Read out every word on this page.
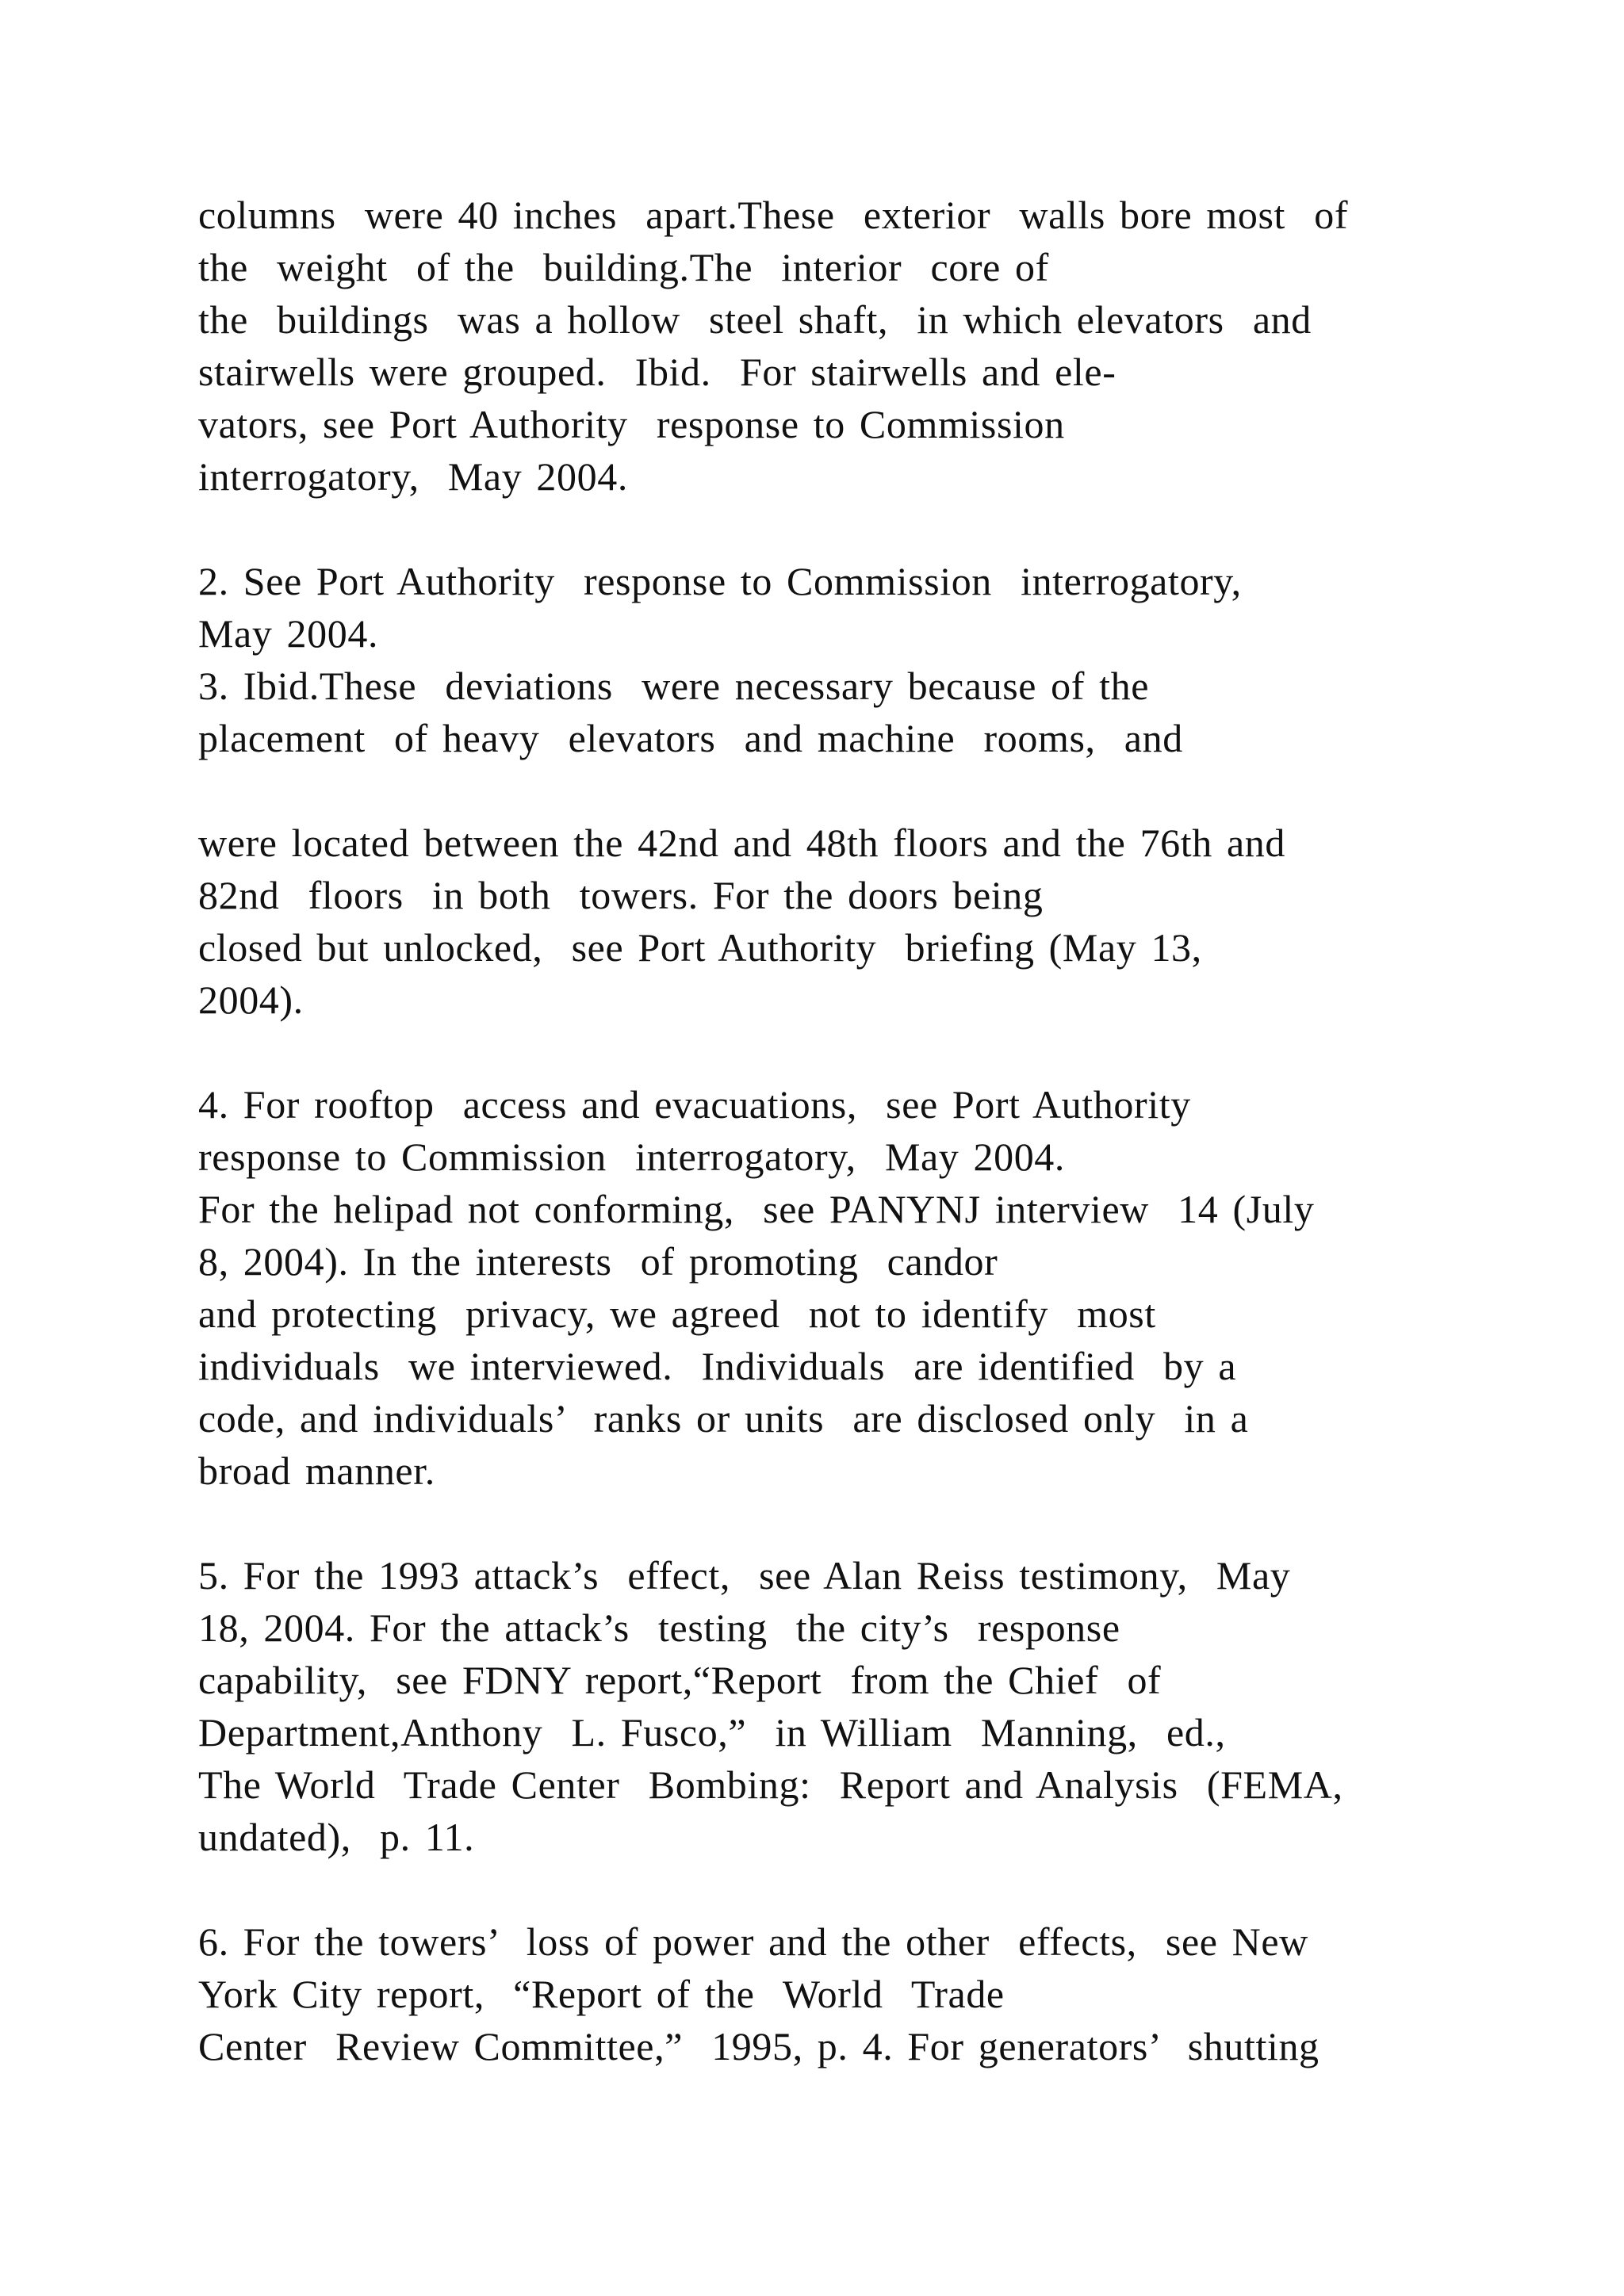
columns  were 40 inches  apart.These  exterior  walls bore most  of
the  weight  of the  building.The  interior  core of
the  buildings  was a hollow  steel shaft,  in which elevators  and
stairwells were grouped.  Ibid.  For stairwells and ele-
vators, see Port Authority  response to Commission
interrogatory,  May 2004.
2. See Port Authority  response to Commission  interrogatory,
May 2004.
3. Ibid.These  deviations  were necessary because of the
placement  of heavy  elevators  and machine  rooms,  and
were located between the 42nd and 48th floors and the 76th and
82nd  floors  in both  towers. For the doors being
closed but unlocked,  see Port Authority  briefing (May 13,
2004).
4. For rooftop  access and evacuations,  see Port Authority
response to Commission  interrogatory,  May 2004.
For the helipad not conforming,  see PANYNJ interview  14 (July
8, 2004). In the interests  of promoting  candor
and protecting  privacy, we agreed  not to identify  most
individuals  we interviewed.  Individuals  are identified  by a
code, and individuals’  ranks or units  are disclosed only  in a
broad manner.
5. For the 1993 attack’s  effect,  see Alan Reiss testimony,  May
18, 2004. For the attack’s  testing  the city’s  response
capability,  see FDNY report,“Report  from the Chief  of
Department,Anthony  L. Fusco,”  in William  Manning,  ed.,
The World  Trade Center  Bombing:  Report and Analysis  (FEMA,
undated),  p. 11.
6. For the towers’  loss of power and the other  effects,  see New
York City report,  “Report of the  World  Trade
Center  Review Committee,”  1995, p. 4. For generators’  shutting
